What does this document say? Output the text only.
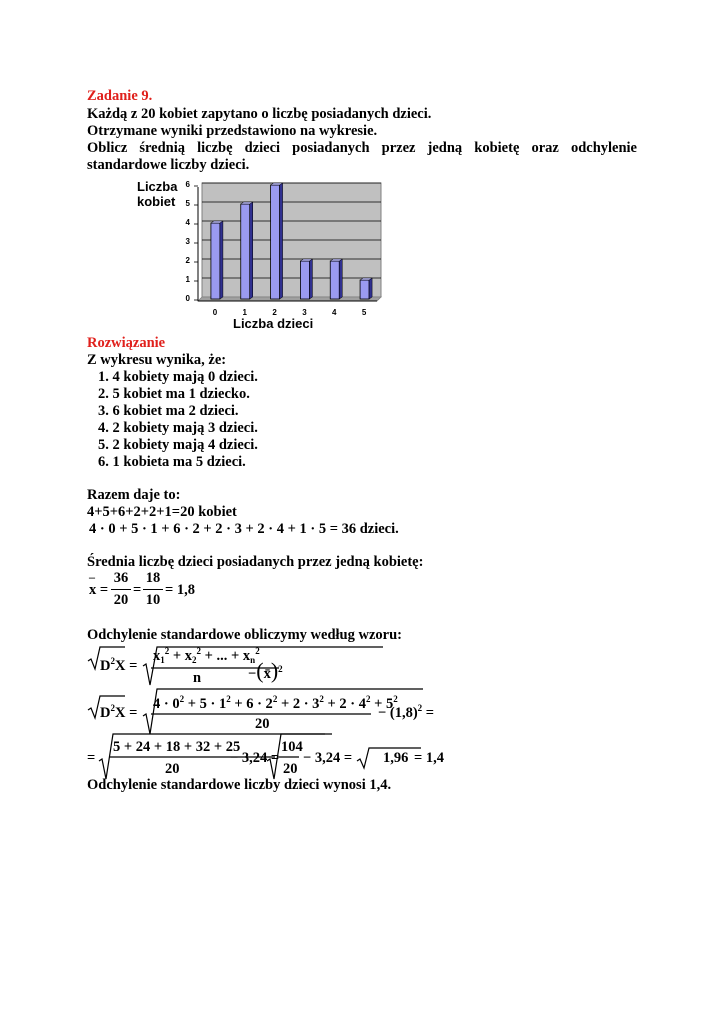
Zadanie 9.
Każdą z 20 kobiet zapytano o liczbę posiadanych dzieci.
Otrzymane wyniki przedstawiono na wykresie.
Oblicz średnią liczbę dzieci posiadanych przez jedną kobietę oraz odchylenie
standardowe liczby dzieci.
Liczba
kobiet
0
1
2
3
4
5
6
0	1	2	3	4	5
Liczba dzieci
Rozwiązanie
Z wykresu wynika, że:
1. 4 kobiety mają 0 dzieci.
2. 5 kobiet ma 1 dziecko.
3. 6 kobiet ma 2 dzieci.
4. 2 kobiety mają 3 dzieci.
5. 2 kobiety mają 4 dzieci.
6. 1 kobieta ma 5 dzieci.
Razem daje to:
4+5+6+2+2+1=20 kobiet
4 · 0 + 5 · 1 + 6 · 2 + 2 · 3 + 2 · 4 + 1 · 5 = 36 dzieci.
Średnia liczbę dzieci posiadanych przez jedną kobietę:
–
x =
36
20
=
18
10
= 1,8
Odchylenie standardowe obliczymy według wzoru:
$D^2X$ =
$x_1^2 + x_2^2$ + ... + $x_n^2$
n	−(x̄)$^2$
$D^2X$ =
$4 \cdot 0^2 + 5 \cdot 1^2 + 6 \cdot 2^2 + 2 \cdot 3^2 + 2 \cdot 4^2 + 5^2$
20
− $(1,8)^2$ =
=
5 + 24 + 18 + 32 + 25
20
− 3,24 =
104
20
− 3,24 = 1,96 = 1,4
Odchylenie standardowe liczby dzieci wynosi 1,4.
